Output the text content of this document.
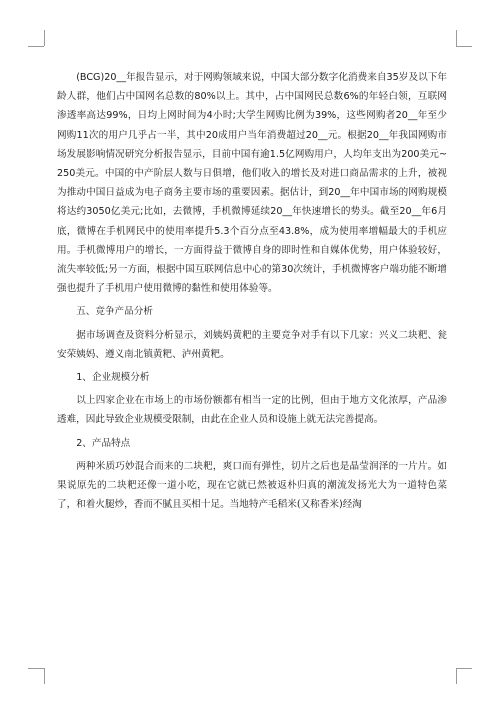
(BCG)20__年报告显示，对于网购领域来说，中国大部分数字化消费来自35岁及以下年龄人群，他们占中国网名总数的80%以上。其中，占中国网民总数6%的年轻白领，互联网渗透率高达99%，日均上网时间为4小时;大学生网购比例为39%，这些网购者20__年至少网购11次的用户几乎占一半，其中20成用户当年消费超过20__元。根据20__年我国网购市场发展影响情况研究分析报告显示，目前中国有逾1.5亿网购用户，人均年支出为200美元~250美元。中国的中产阶层人数与日俱增，他们收入的增长及对进口商品需求的上升，被视为推动中国日益成为电子商务主要市场的重要因素。据估计，到20__年中国市场的网购规模将达约3050亿美元;比如，去微博，手机微博延续20__年快速增长的势头。截至20__年6月底，微博在手机网民中的使用率提升5.3个百分点至43.8%，成为使用率增幅最大的手机应用。手机微博用户的增长，一方面得益于微博自身的即时性和自媒体优势，用户体验较好，流失率较低;另一方面，根据中国互联网信息中心的第30次统计，手机微博客户端功能不断增强也提升了手机用户使用微博的黏性和使用体验等。

五、竞争产品分析

据市场调查及资料分析显示，刘姨妈黄粑的主要竞争对手有以下几家：兴义二块粑、瓮安荣姨妈、遵义南北镇黄粑、泸州黄粑。

1、企业规模分析

以上四家企业在市场上的市场份额都有相当一定的比例，但由于地方文化浓厚，产品渗透难，因此导致企业规模受限制，由此在企业人员和设施上就无法完善提高。

2、产品特点

两种米质巧妙混合而来的二块粑，爽口而有弹性，切片之后也是晶莹润泽的一片片。如果说原先的二块粑还像一道小吃，现在它就已然被返朴归真的潮流发扬光大为一道特色菜了，和着火腿炒，香而不腻且买相十足。当地特产毛稻米(又称香米)经淘
